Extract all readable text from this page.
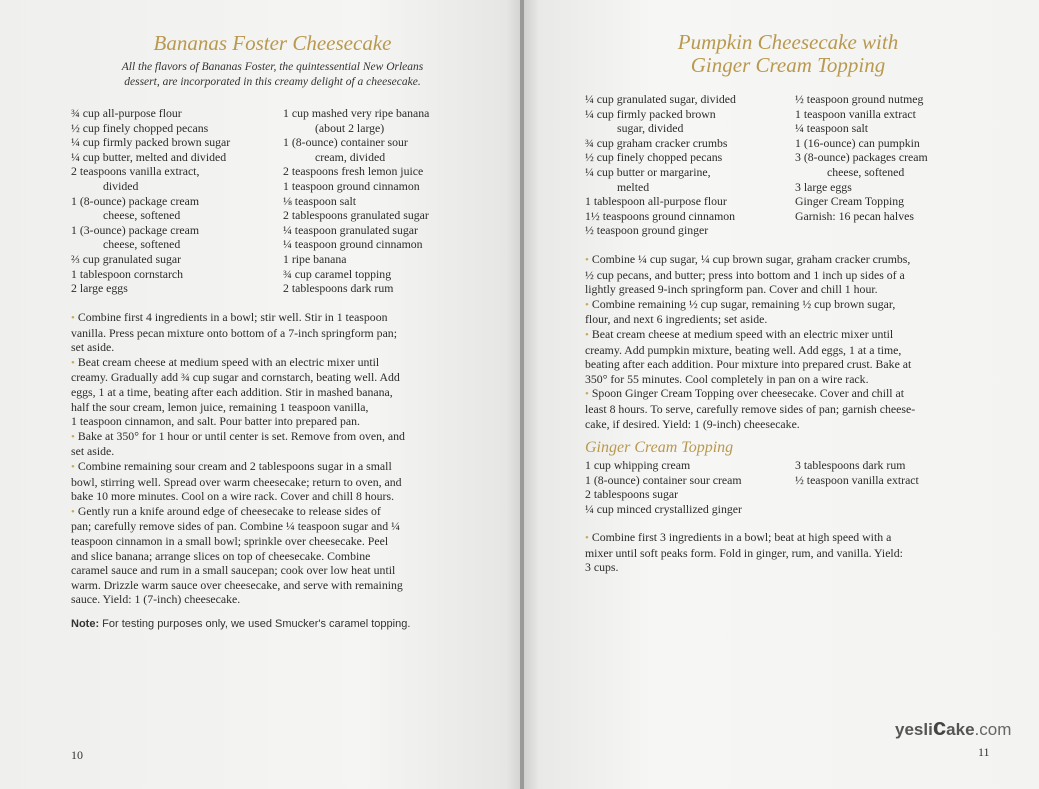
Bananas Foster Cheesecake
All the flavors of Bananas Foster, the quintessential New Orleans
dessert, are incorporated in this creamy delight of a cheesecake.
¾ cup all-purpose flour
½ cup finely chopped pecans
¼ cup firmly packed brown sugar
¼ cup butter, melted and divided
2 teaspoons vanilla extract,
divided
1 (8-ounce) package cream
cheese, softened
1 (3-ounce) package cream
cheese, softened
⅔ cup granulated sugar
1 tablespoon cornstarch
2 large eggs
1 cup mashed very ripe banana
(about 2 large)
1 (8-ounce) container sour
cream, divided
2 teaspoons fresh lemon juice
1 teaspoon ground cinnamon
⅛ teaspoon salt
2 tablespoons granulated sugar
¼ teaspoon granulated sugar
¼ teaspoon ground cinnamon
1 ripe banana
¾ cup caramel topping
2 tablespoons dark rum

• Combine first 4 ingredients in a bowl; stir well. Stir in 1 teaspoon
vanilla. Press pecan mixture onto bottom of a 7-inch springform pan;
set aside.

• Beat cream cheese at medium speed with an electric mixer until
creamy. Gradually add ¾ cup sugar and cornstarch, beating well. Add
eggs, 1 at a time, beating after each addition. Stir in mashed banana,
half the sour cream, lemon juice, remaining 1 teaspoon vanilla,
1 teaspoon cinnamon, and salt. Pour batter into prepared pan.

• Bake at 350° for 1 hour or until center is set. Remove from oven, and
set aside.

• Combine remaining sour cream and 2 tablespoons sugar in a small
bowl, stirring well. Spread over warm cheesecake; return to oven, and
bake 10 more minutes. Cool on a wire rack. Cover and chill 8 hours.

• Gently run a knife around edge of cheesecake to release sides of
pan; carefully remove sides of pan. Combine ¼ teaspoon sugar and ¼
teaspoon cinnamon in a small bowl; sprinkle over cheesecake. Peel
and slice banana; arrange slices on top of cheesecake. Combine
caramel sauce and rum in a small saucepan; cook over low heat until
warm. Drizzle warm sauce over cheesecake, and serve with remaining
sauce. Yield: 1 (7-inch) cheesecake.

Note: For testing purposes only, we used Smucker's caramel topping.
10
Pumpkin Cheesecake with
Ginger Cream Topping
¼ cup granulated sugar, divided
¼ cup firmly packed brown
sugar, divided
¾ cup graham cracker crumbs
½ cup finely chopped pecans
¼ cup butter or margarine,
melted
1 tablespoon all-purpose flour
1½ teaspoons ground cinnamon
½ teaspoon ground ginger
½ teaspoon ground nutmeg
1 teaspoon vanilla extract
¼ teaspoon salt
1 (16-ounce) can pumpkin
3 (8-ounce) packages cream
cheese, softened
3 large eggs
Ginger Cream Topping
Garnish: 16 pecan halves

• Combine ¼ cup sugar, ¼ cup brown sugar, graham cracker crumbs,
½ cup pecans, and butter; press into bottom and 1 inch up sides of a
lightly greased 9-inch springform pan. Cover and chill 1 hour.

• Combine remaining ½ cup sugar, remaining ½ cup brown sugar,
flour, and next 6 ingredients; set aside.

• Beat cream cheese at medium speed with an electric mixer until
creamy. Add pumpkin mixture, beating well. Add eggs, 1 at a time,
beating after each addition. Pour mixture into prepared crust. Bake at
350° for 55 minutes. Cool completely in pan on a wire rack.

• Spoon Ginger Cream Topping over cheesecake. Cover and chill at
least 8 hours. To serve, carefully remove sides of pan; garnish cheese-
cake, if desired. Yield: 1 (9-inch) cheesecake.

Ginger Cream Topping
1 cup whipping cream
1 (8-ounce) container sour cream
2 tablespoons sugar
¼ cup minced crystallized ginger
3 tablespoons dark rum
½ teaspoon vanilla extract

• Combine first 3 ingredients in a bowl; beat at high speed with a
mixer until soft peaks form. Fold in ginger, rum, and vanilla. Yield:
3 cups.

11
yeslicake.com
